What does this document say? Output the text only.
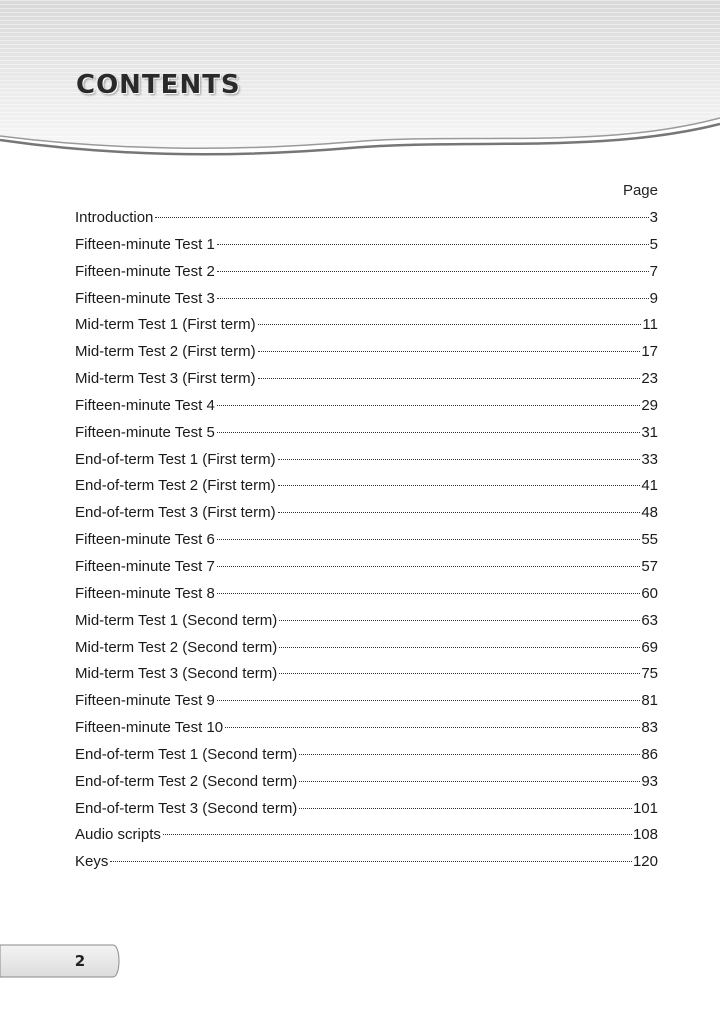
CONTENTS
Page
Introduction	3
Fifteen-minute Test 1	5
Fifteen-minute Test 2	7
Fifteen-minute Test 3	9
Mid-term Test 1 (First term)	11
Mid-term Test 2 (First term)	17
Mid-term Test 3 (First term)	23
Fifteen-minute Test 4	29
Fifteen-minute Test 5	31
End-of-term Test 1 (First term)	33
End-of-term Test 2 (First term)	41
End-of-term Test 3 (First term)	48
Fifteen-minute Test 6	55
Fifteen-minute Test 7	57
Fifteen-minute Test 8	60
Mid-term Test 1 (Second term)	63
Mid-term Test 2 (Second term)	69
Mid-term Test 3 (Second term)	75
Fifteen-minute Test 9	81
Fifteen-minute Test 10	83
End-of-term Test 1 (Second term)	86
End-of-term Test 2 (Second term)	93
End-of-term Test 3 (Second term)	101
Audio scripts	108
Keys	120
2
